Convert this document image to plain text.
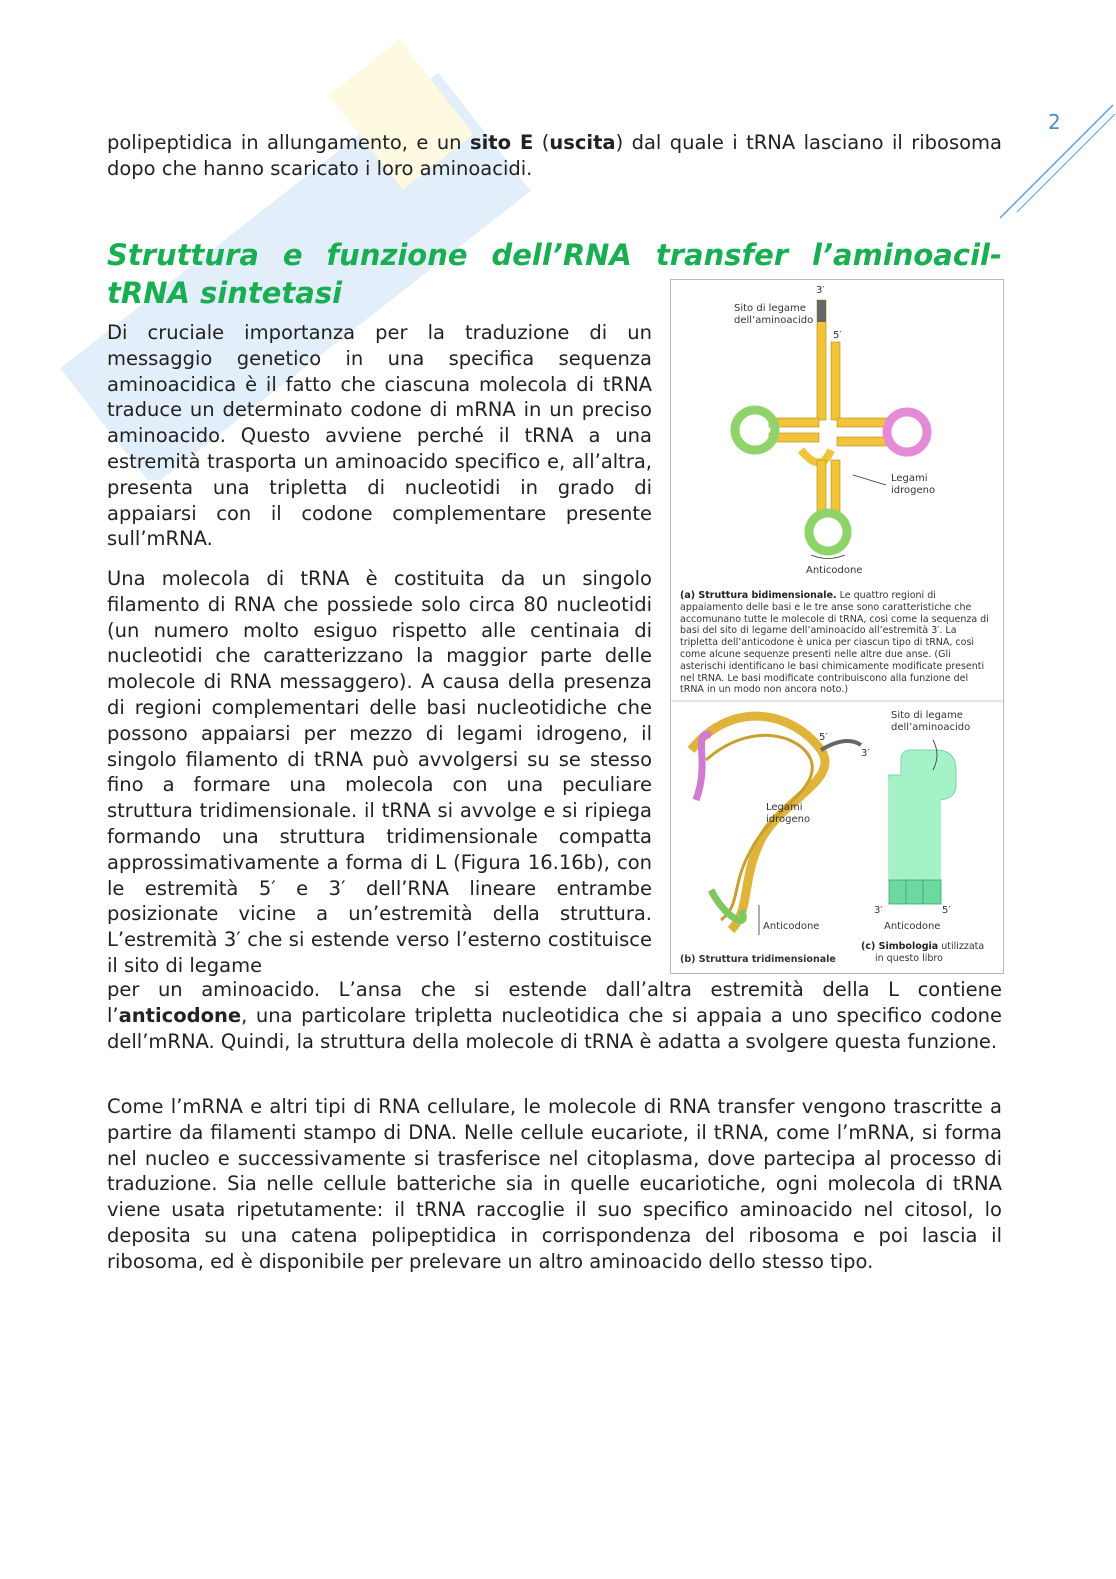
2

polipeptidica in allungamento, e un sito E (uscita) dal quale i tRNA lasciano il ribosoma dopo che hanno scaricato i loro aminoacidi.

Struttura e funzione dell’RNA transfer l’aminoacil-
tRNA sintetasi

Di cruciale importanza per la traduzione di un messaggio genetico in una specifica sequenza aminoacidica è il fatto che ciascuna molecola di tRNA traduce un determinato codone di mRNA in un preciso aminoacido. Questo avviene perché il tRNA a una estremità trasporta un aminoacido specifico e, all’altra, presenta una tripletta di nucleotidi in grado di appaiarsi con il codone complementare presente sull’mRNA.

Una molecola di tRNA è costituita da un singolo filamento di RNA che possiede solo circa 80 nucleotidi (un numero molto esiguo rispetto alle centinaia di nucleotidi che caratterizzano la maggior parte delle molecole di RNA messaggero). A causa della presenza di regioni complementari delle basi nucleotidiche che possono appaiarsi per mezzo di legami idrogeno, il singolo filamento di tRNA può avvolgersi su se stesso fino a formare una molecola con una peculiare struttura tridimensionale. il tRNA si avvolge e si ripiega formando una struttura tridimensionale compatta approssimativamente a forma di L (Figura 16.16b), con le estremità 5′ e 3′ dell’RNA lineare entrambe posizionate vicine a un’estremità della struttura. L’estremità 3′ che si estende verso l’esterno costituisce il sito di legame

per un aminoacido. L’ansa che si estende dall’altra estremità della L contiene l’anticodone, una particolare tripletta nucleotidica che si appaia a uno specifico codone dell’mRNA. Quindi, la struttura della molecole di tRNA è adatta a svolgere questa funzione.

Come l’mRNA e altri tipi di RNA cellulare, le molecole di RNA transfer vengono trascritte a partire da filamenti stampo di DNA. Nelle cellule eucariote, il tRNA, come l’mRNA, si forma nel nucleo e successivamente si trasferisce nel citoplasma, dove partecipa al processo di traduzione. Sia nelle cellule batteriche sia in quelle eucariotiche, ogni molecola di tRNA viene usata ripetutamente: il tRNA raccoglie il suo specifico aminoacido nel citosol, lo deposita su una catena polipeptidica in corrispondenza del ribosoma e poi lascia il ribosoma, ed è disponibile per prelevare un altro aminoacido dello stesso tipo.

3′
Sito di legame
dell’aminoacido
5′
Legami
idrogeno
Anticodone

(a) Struttura bidimensionale. Le quattro regioni di appaiamento delle basi e le tre anse sono caratteristiche che accomunano tutte le molecole di tRNA, così come la sequenza di basi del sito di legame dell’aminoacido all’estremità 3′. La tripletta dell’anticodone è unica per ciascun tipo di tRNA, così come alcune sequenze presenti nelle altre due anse. (Gli asterischi identificano le basi chimicamente modificate presenti nel tRNA. Le basi modificate contribuiscono alla funzione del tRNA in un modo non ancora noto.)

Sito di legame
dell’aminoacido
5′
3′
Legami
idrogeno
Anticodone
(b) Struttura tridimensionale
3′	5′
Anticodone

(c) Simbologia utilizzata
in questo libro
